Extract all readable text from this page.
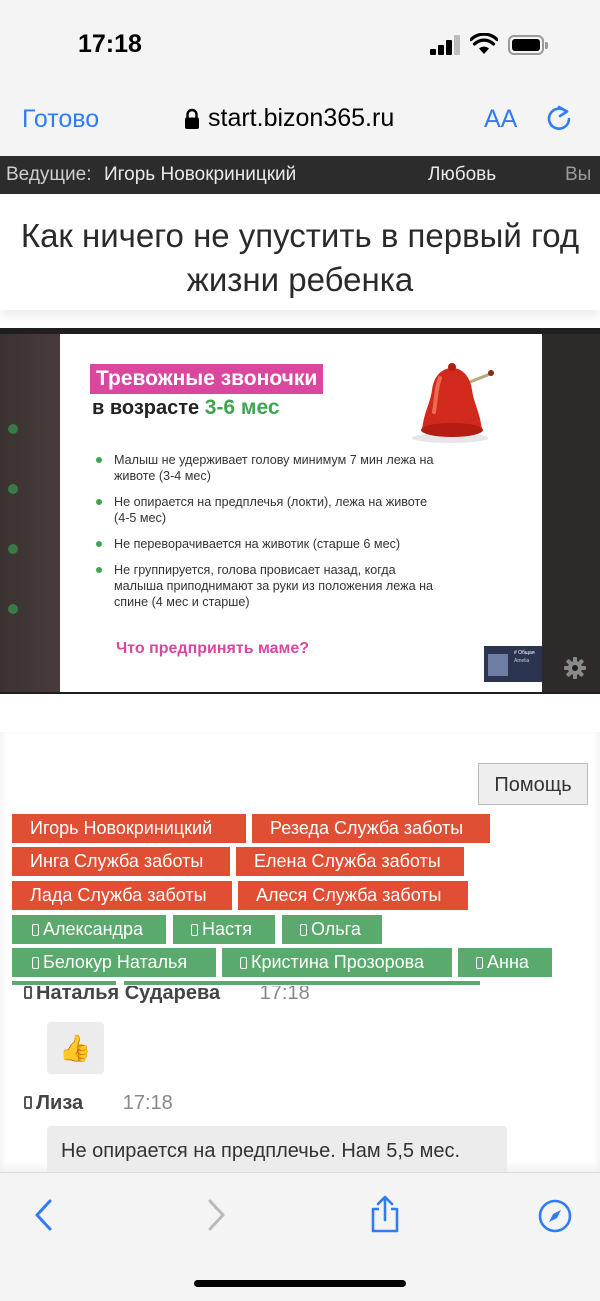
17:18
Готово	start.bizon365.ru	AA
Ведущие: Игорь Новокриницкий	Любовь	Вы
Как ничего не упустить в первый год жизни ребенка
Тревожные звоночки
в возрасте 3-6 мес
Малыш не удерживает голову минимум 7 мин лежа на животе (3-4 мес)
Не опирается на предплечья (локти), лежа на животе (4-5 мес)
Не переворачивается на животик (старше 6 мес)
Не группируется, голова провисает назад, когда малыша приподнимают за руки из положения лежа на спине (4 мес и старше)
Что предпринять маме?	# Общая
Amelia
Помощь
Игорь Новокриницкий	Резеда Служба заботы
Инга Служба заботы	Елена Служба заботы
Лада Служба заботы	Алеся Служба заботы
Александра	Настя	Ольга
Белокур Наталья	Кристина Прозорова	Анна
Наталья Сударева 17:18
👍
Лиза 17:18
Не опирается на предплечье. Нам 5,5 мес.
